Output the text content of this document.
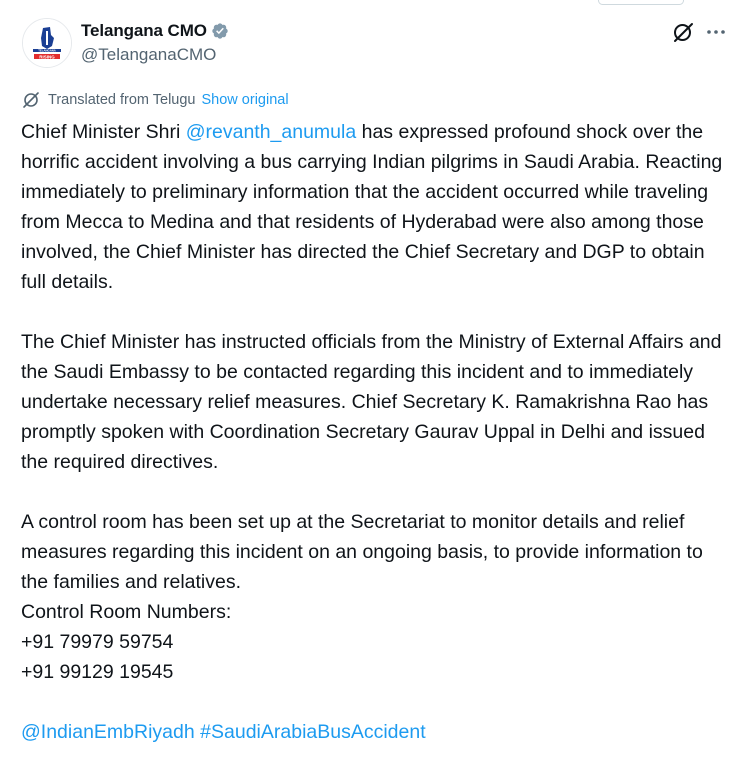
RISING
TELANGANA
Telangana CMO
@TelanganaCMO
Translated from Telugu Show original

Chief Minister Shri @revanth_anumula has expressed profound shock over the horrific accident involving a bus carrying Indian pilgrims in Saudi Arabia. Reacting immediately to preliminary information that the accident occurred while traveling from Mecca to Medina and that residents of Hyderabad were also among those involved, the Chief Minister has directed the Chief Secretary and DGP to obtain full details.

The Chief Minister has instructed officials from the Ministry of External Affairs and the Saudi Embassy to be contacted regarding this incident and to immediately undertake necessary relief measures. Chief Secretary K. Ramakrishna Rao has promptly spoken with Coordination Secretary Gaurav Uppal in Delhi and issued the required directives.

A control room has been set up at the Secretariat to monitor details and relief measures regarding this incident on an ongoing basis, to provide information to the families and relatives.

Control Room Numbers:

+91 79979 59754

+91 99129 19545

@IndianEmbRiyadh #SaudiArabiaBusAccident
